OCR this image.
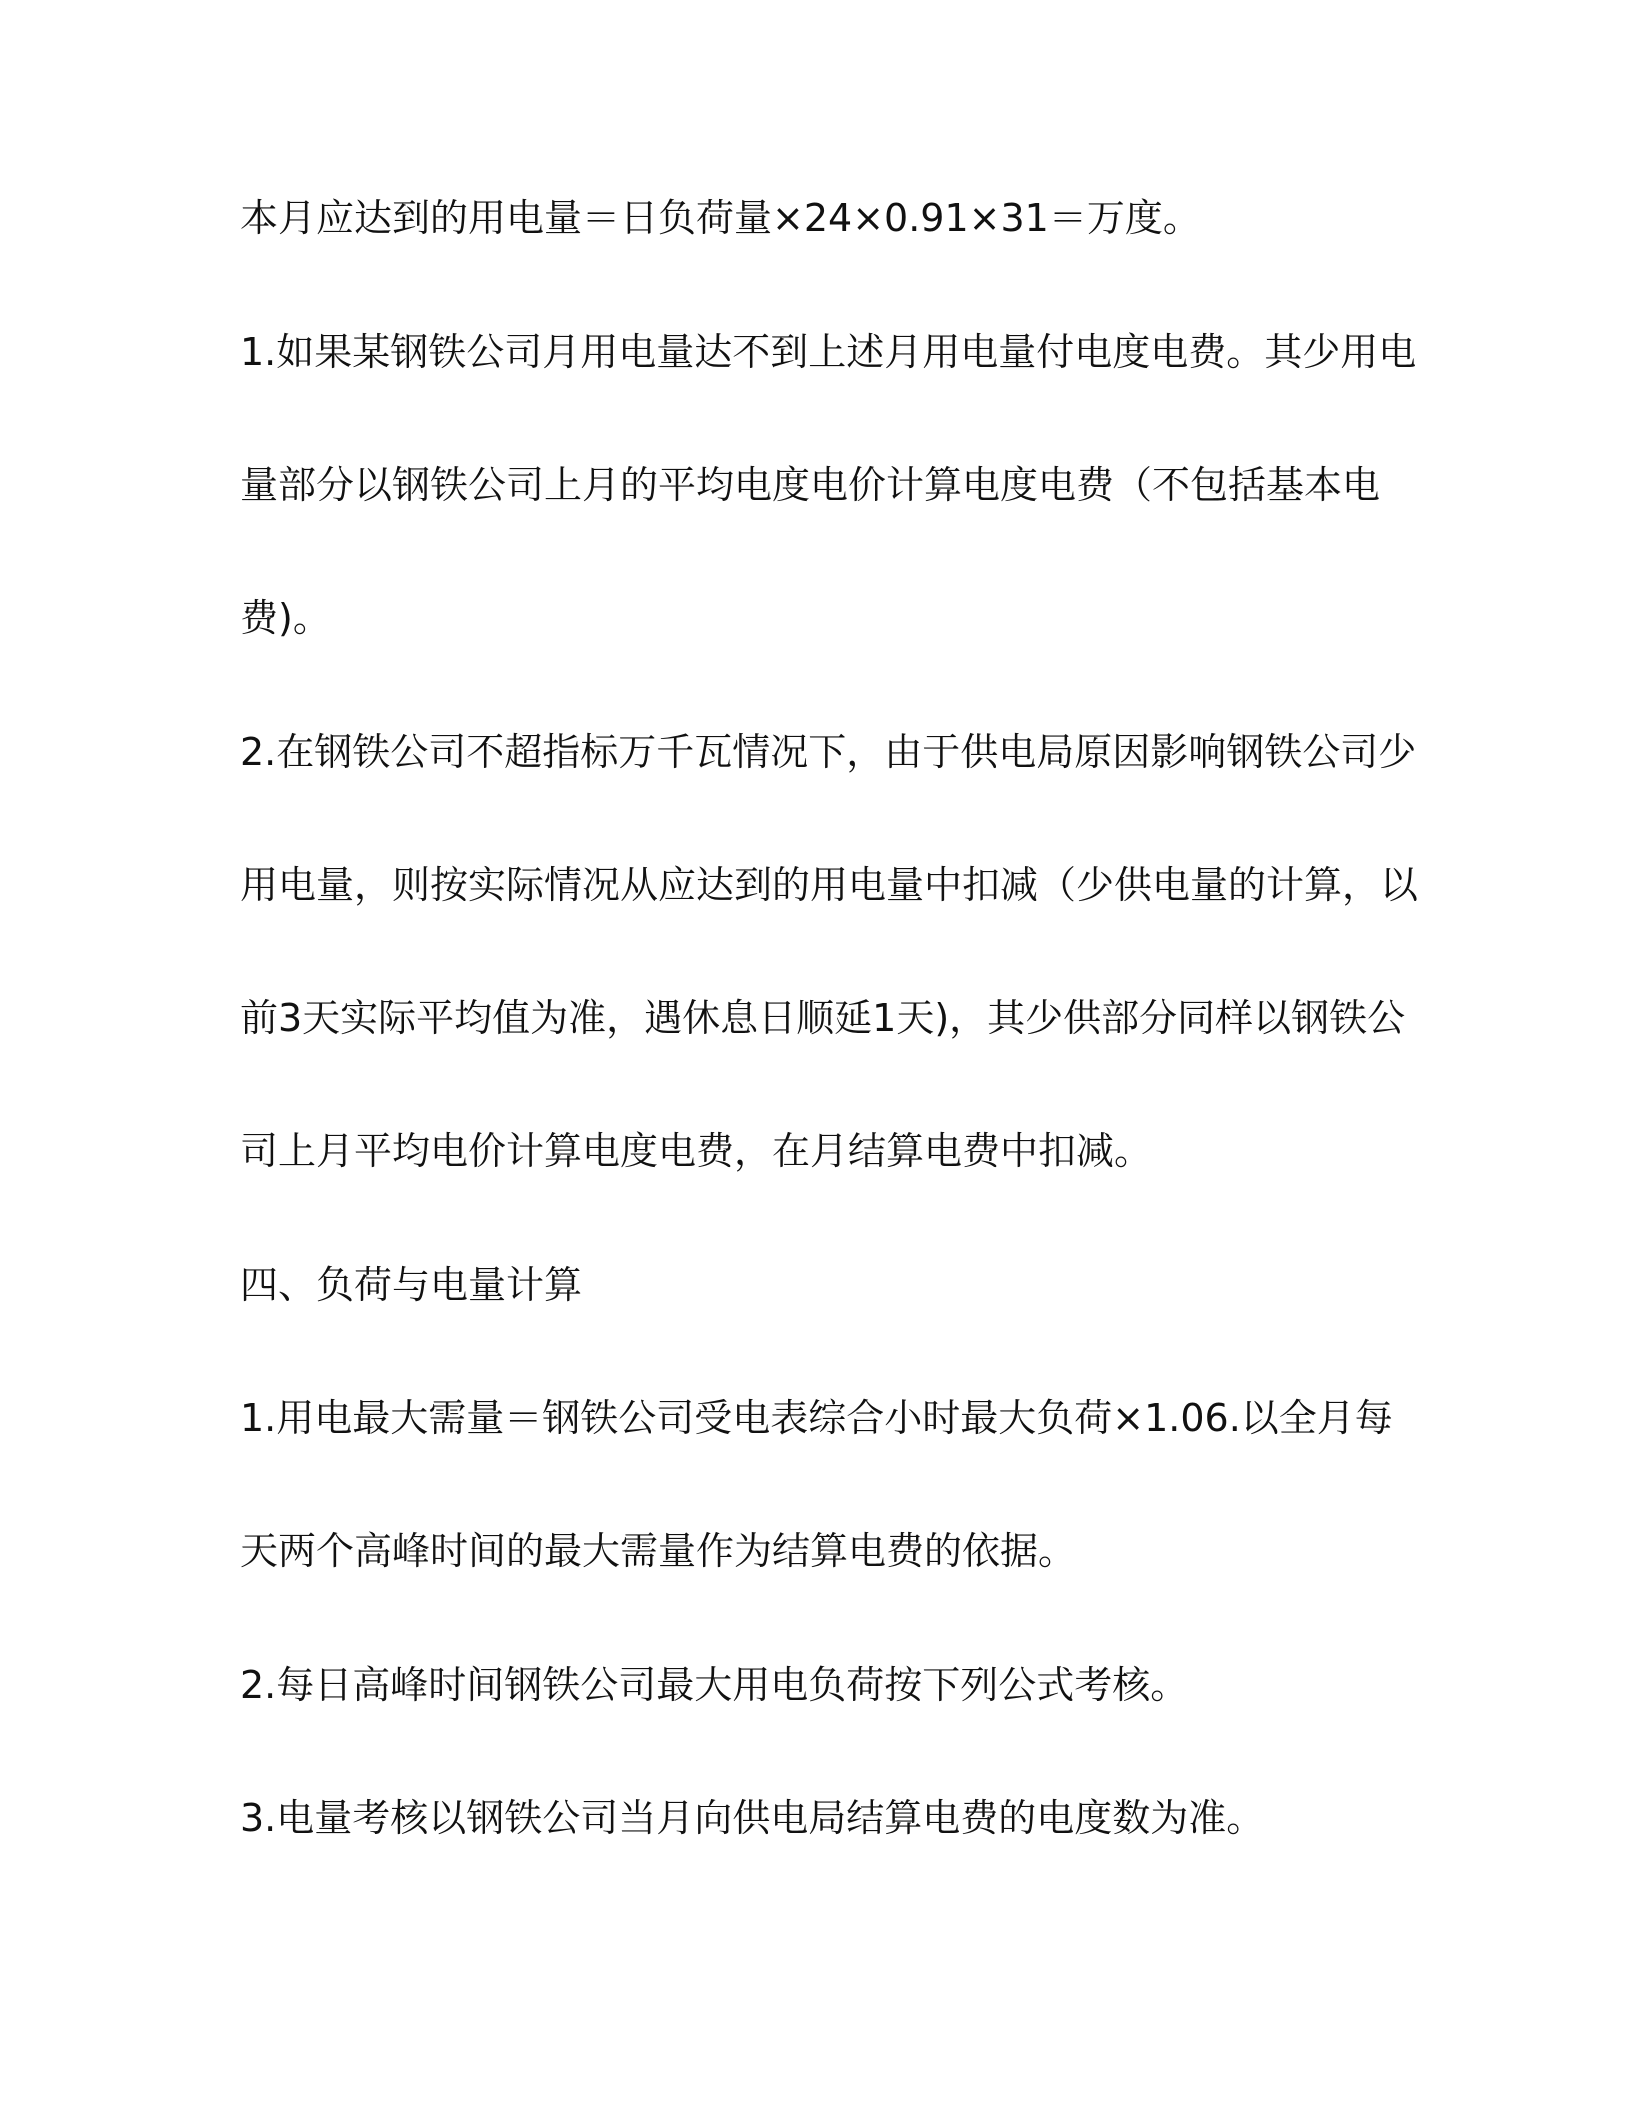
本月应达到的用电量＝日负荷量×24×0.91×31＝万度。
1.如果某钢铁公司月用电量达不到上述月用电量付电度电费。其少用电
量部分以钢铁公司上月的平均电度电价计算电度电费（不包括基本电
费)。
2.在钢铁公司不超指标万千瓦情况下，由于供电局原因影响钢铁公司少
用电量，则按实际情况从应达到的用电量中扣减（少供电量的计算，以
前3天实际平均值为准，遇休息日顺延1天)，其少供部分同样以钢铁公
司上月平均电价计算电度电费，在月结算电费中扣减。
四、负荷与电量计算
1.用电最大需量＝钢铁公司受电表综合小时最大负荷×1.06.以全月每
天两个高峰时间的最大需量作为结算电费的依据。
2.每日高峰时间钢铁公司最大用电负荷按下列公式考核。
3.电量考核以钢铁公司当月向供电局结算电费的电度数为准。
